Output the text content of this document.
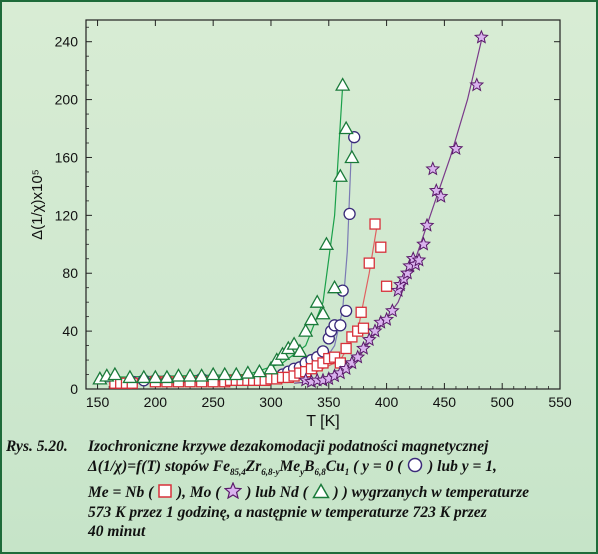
150 200 250 300 350 400 450 500 550
0
40
80
120
160
200
240
T [K]
Δ(1/χ)x10⁵
Rys. 5.20. Izochroniczne krzywe dezakomodacji podatności magnetycznej
Δ(1/χ)=f(T) stopów $Fe_{85,4}Zr_{6,8-y}Me_yB_{6,8}Cu_1$ ( y = 0 ( ) lub y = 1,
Me = Nb ( ), Mo ( ) lub Nd ( ) ) wygrzanych w temperaturze
573 K przez 1 godzinę, a następnie w temperaturze 723 K przez
40 minut
